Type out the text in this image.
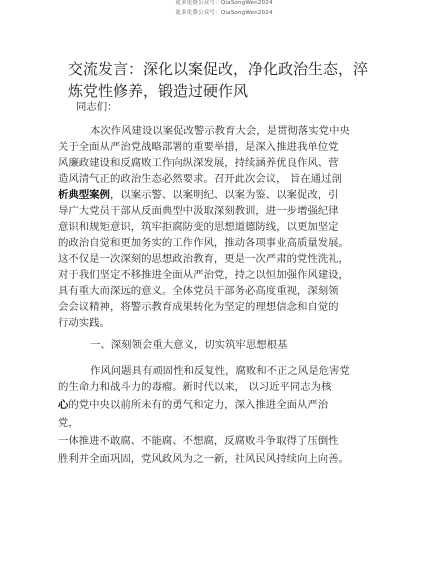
更多免费公众号：QiaSongWen2024
更多免费公众号：QiaSongWen2024
交流发言：深化以案促改，净化政治生态，淬
炼党性修养，锻造过硬作风
同志们：
本次作风建设以案促改警示教育大会，是贯彻落实党中央
关于全面从严治党战略部署的重要举措，是深入推进我单位党
风廉政建设和反腐败工作向纵深发展，持续涵养优良作风、营
造风清气正的政治生态必然要求。召开此次会议， 旨在通过剖
析典型案例，以案示警、以案明纪、以案为鉴、以案促改，引
导广大党员干部从反面典型中汲取深刻教训，进一步增强纪律
意识和规矩意识，筑牢拒腐防变的思想道德防线，以更加坚定
的政治自觉和更加务实的工作作风，推动各项事业高质量发展。
这不仅是一次深刻的思想政治教育，更是一次严肃的党性洗礼，
对于我们坚定不移推进全面从严治党，持之以恒加强作风建设，
具有重大而深远的意义。全体党员干部务必高度重视，深刻领
会会议精神，将警示教育成果转化为坚定的理想信念和自觉的
行动实践。
一、深刻领会重大意义，切实筑牢思想根基
作风问题具有顽固性和反复性，腐败和不正之风是危害党
的生命力和战斗力的毒瘤。新时代以来， 以习近平同志为核
心的党中央以前所未有的勇气和定力，深入推进全面从严治
党，
一体推进不敢腐、不能腐、不想腐，反腐败斗争取得了压倒性
胜利并全面巩固，党风政风为之一新，社风民风持续向上向善。
